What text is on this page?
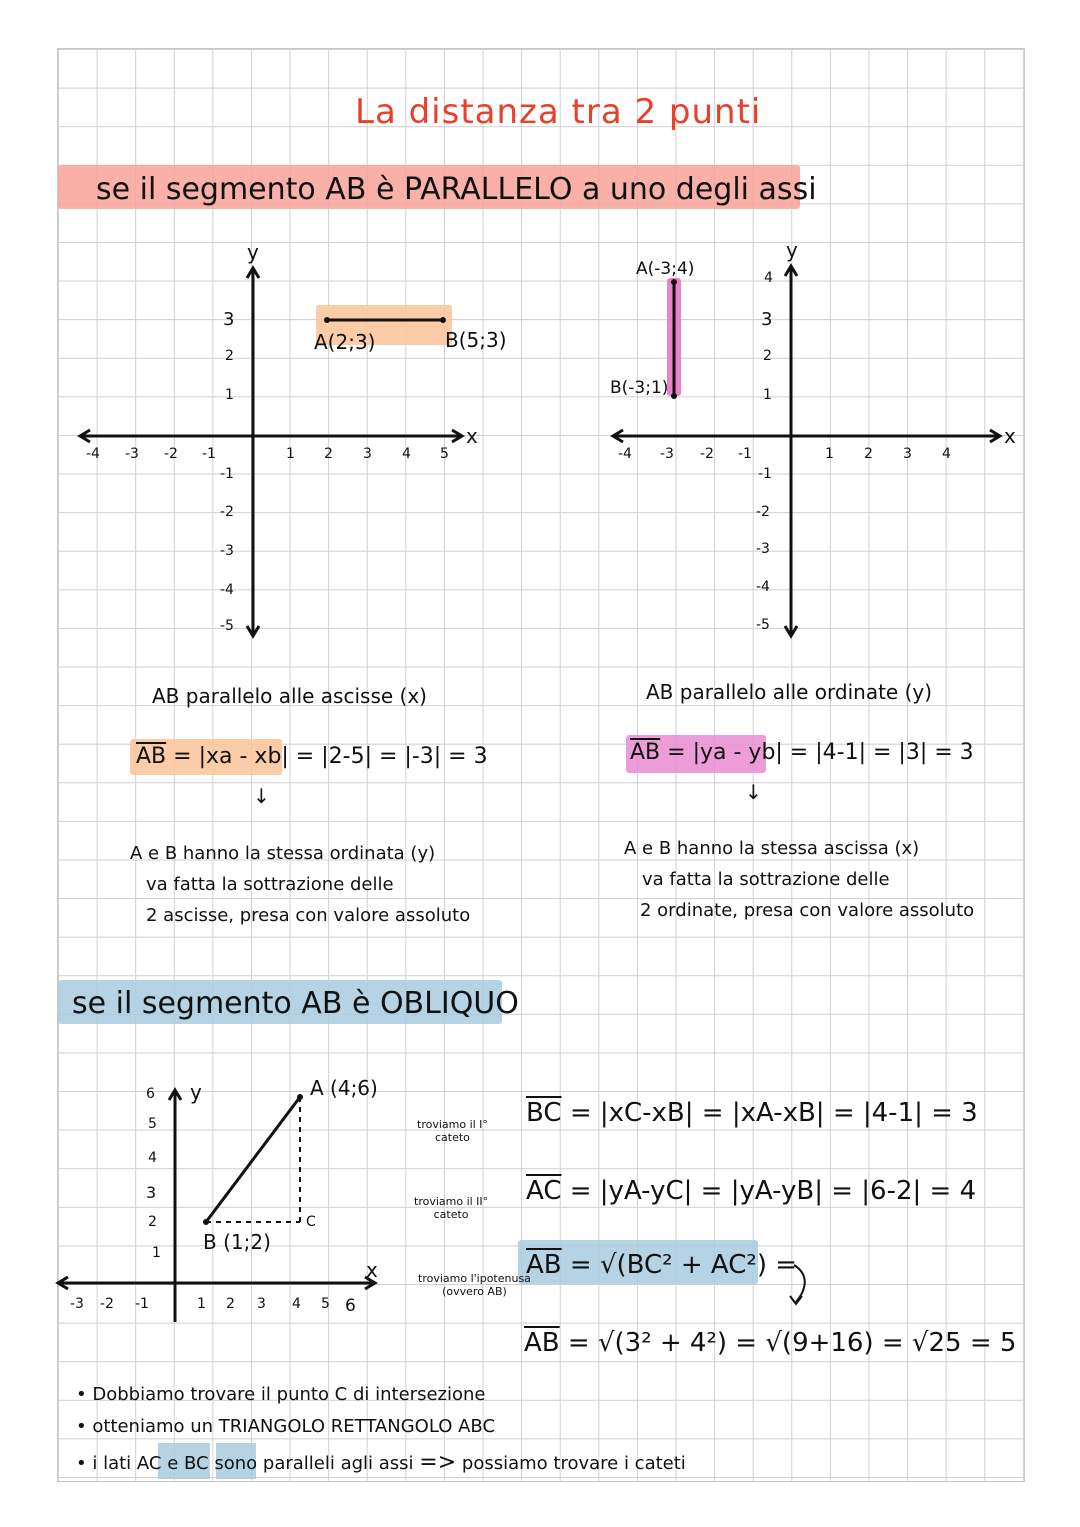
La distanza tra 2 punti
se il segmento AB è PARALLELO a uno degli assi
se il segmento AB è OBLIQUO
y
x
-4 -3 -2 -1	1 2 3 4 5
3
2
1
-1
-2
-3
-4
-5
A(2;3)	B(5;3)
y
x
-4 -3 -2 -1	1 2 3 4
4
3
2
1
-1
-2
-3
-4
-5
A(-3;4)
B(-3;1)
AB parallelo alle ascisse (x)
$\overline{AB} = |xa - xb| = |2-5| = |-3| = 3$
↓
A e B hanno la stessa ordinata (y)
va fatta la sottrazione delle
2 ascisse, presa con valore assoluto
AB parallelo alle ordinate (y)
$\overline{AB} = |ya - yb| = |4-1| = |3| = 3$
↓
A e B hanno la stessa ascissa (x)
va fatta la sottrazione delle
2 ordinate, presa con valore assoluto
y
x
-3 -2 -1	1 2 3 4 5 6
6
5
4
3
2
1
A (4;6)
B (1;2)
C
troviamo il I°
cateto
$\overline{BC} = |xC-xB| = |xA-xB| = |4-1| = 3$
troviamo il II°
cateto
$\overline{AC} = |yA-yC| = |yA-yB| = |6-2| = 4$
troviamo l'ipotenusa
(ovvero AB)
$\overline{AB} = √(BC^2 + AC^2)$ =
$\overline{AB} = √(3^2 + 4^2) = √(9+16) = √25 = 5$
• Dobbiamo trovare il punto C di intersezione
• otteniamo un TRIANGOLO RETTANGOLO ABC
• i lati AC e BC sono paralleli agli assi => possiamo trovare i cateti
